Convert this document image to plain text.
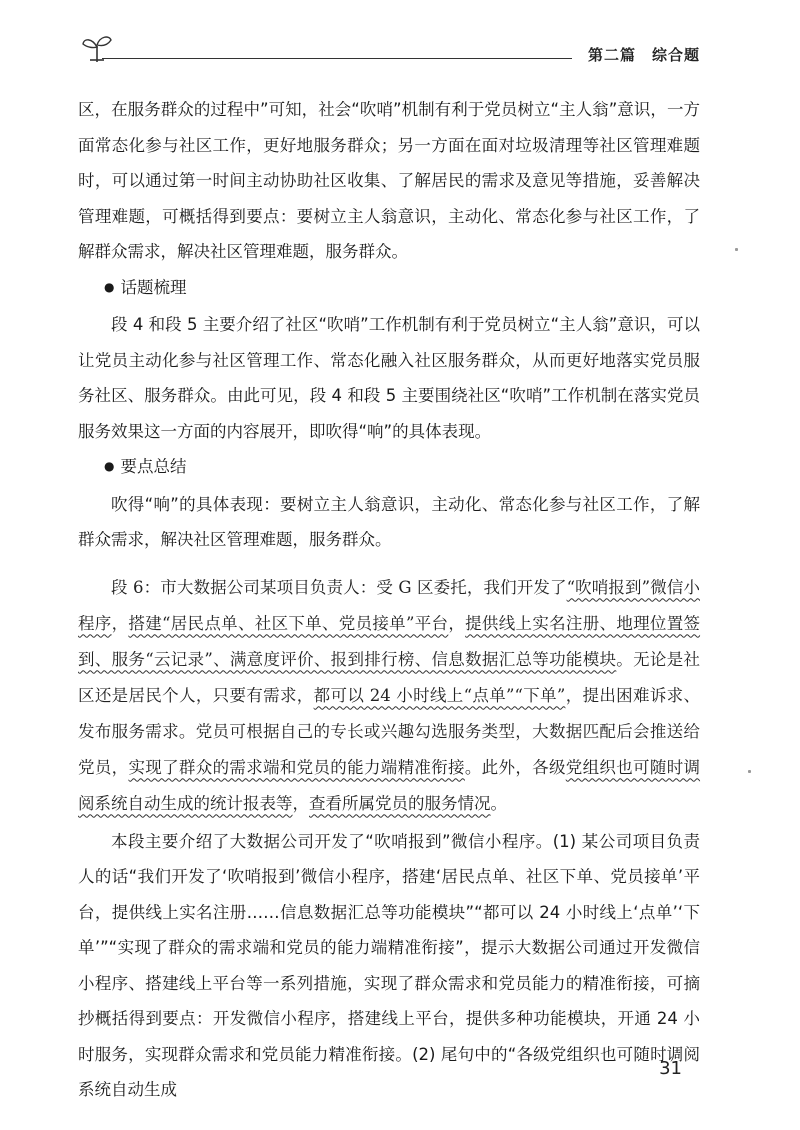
第二篇　综合题

区，在服务群众的过程中”可知，社会“吹哨”机制有利于党员树立“主人翁”意识，一方面常态化参与社区工作，更好地服务群众；另一方面在面对垃圾清理等社区管理难题时，可以通过第一时间主动协助社区收集、了解居民的需求及意见等措施，妥善解决管理难题，可概括得到要点：要树立主人翁意识，主动化、常态化参与社区工作，了解群众需求，解决社区管理难题，服务群众。

● 话题梳理

段 4 和段 5 主要介绍了社区“吹哨”工作机制有利于党员树立“主人翁”意识，可以让党员主动化参与社区管理工作、常态化融入社区服务群众，从而更好地落实党员服务社区、服务群众。由此可见，段 4 和段 5 主要围绕社区“吹哨”工作机制在落实党员服务效果这一方面的内容展开，即吹得“响”的具体表现。

● 要点总结

吹得“响”的具体表现：要树立主人翁意识，主动化、常态化参与社区工作，了解群众需求，解决社区管理难题，服务群众。

段 6：市大数据公司某项目负责人：受 G 区委托，我们开发了“吹哨报到”微信小程序，搭建“居民点单、社区下单、党员接单”平台，提供线上实名注册、地理位置签到、服务“云记录”、满意度评价、报到排行榜、信息数据汇总等功能模块。无论是社区还是居民个人，只要有需求，都可以 24 小时线上“点单”“下单”，提出困难诉求、发布服务需求。党员可根据自己的专长或兴趣勾选服务类型，大数据匹配后会推送给党员，实现了群众的需求端和党员的能力端精准衔接。此外，各级党组织也可随时调阅系统自动生成的统计报表等，查看所属党员的服务情况。

本段主要介绍了大数据公司开发了“吹哨报到”微信小程序。(1) 某公司项目负责人的话“我们开发了‘吹哨报到’微信小程序，搭建‘居民点单、社区下单、党员接单’平台，提供线上实名注册……信息数据汇总等功能模块”“都可以 24 小时线上‘点单’‘下单’”“实现了群众的需求端和党员的能力端精准衔接”，提示大数据公司通过开发微信小程序、搭建线上平台等一系列措施，实现了群众需求和党员能力的精准衔接，可摘抄概括得到要点：开发微信小程序，搭建线上平台，提供多种功能模块，开通 24 小时服务，实现群众需求和党员能力精准衔接。(2) 尾句中的“各级党组织也可随时调阅系统自动生成

31
